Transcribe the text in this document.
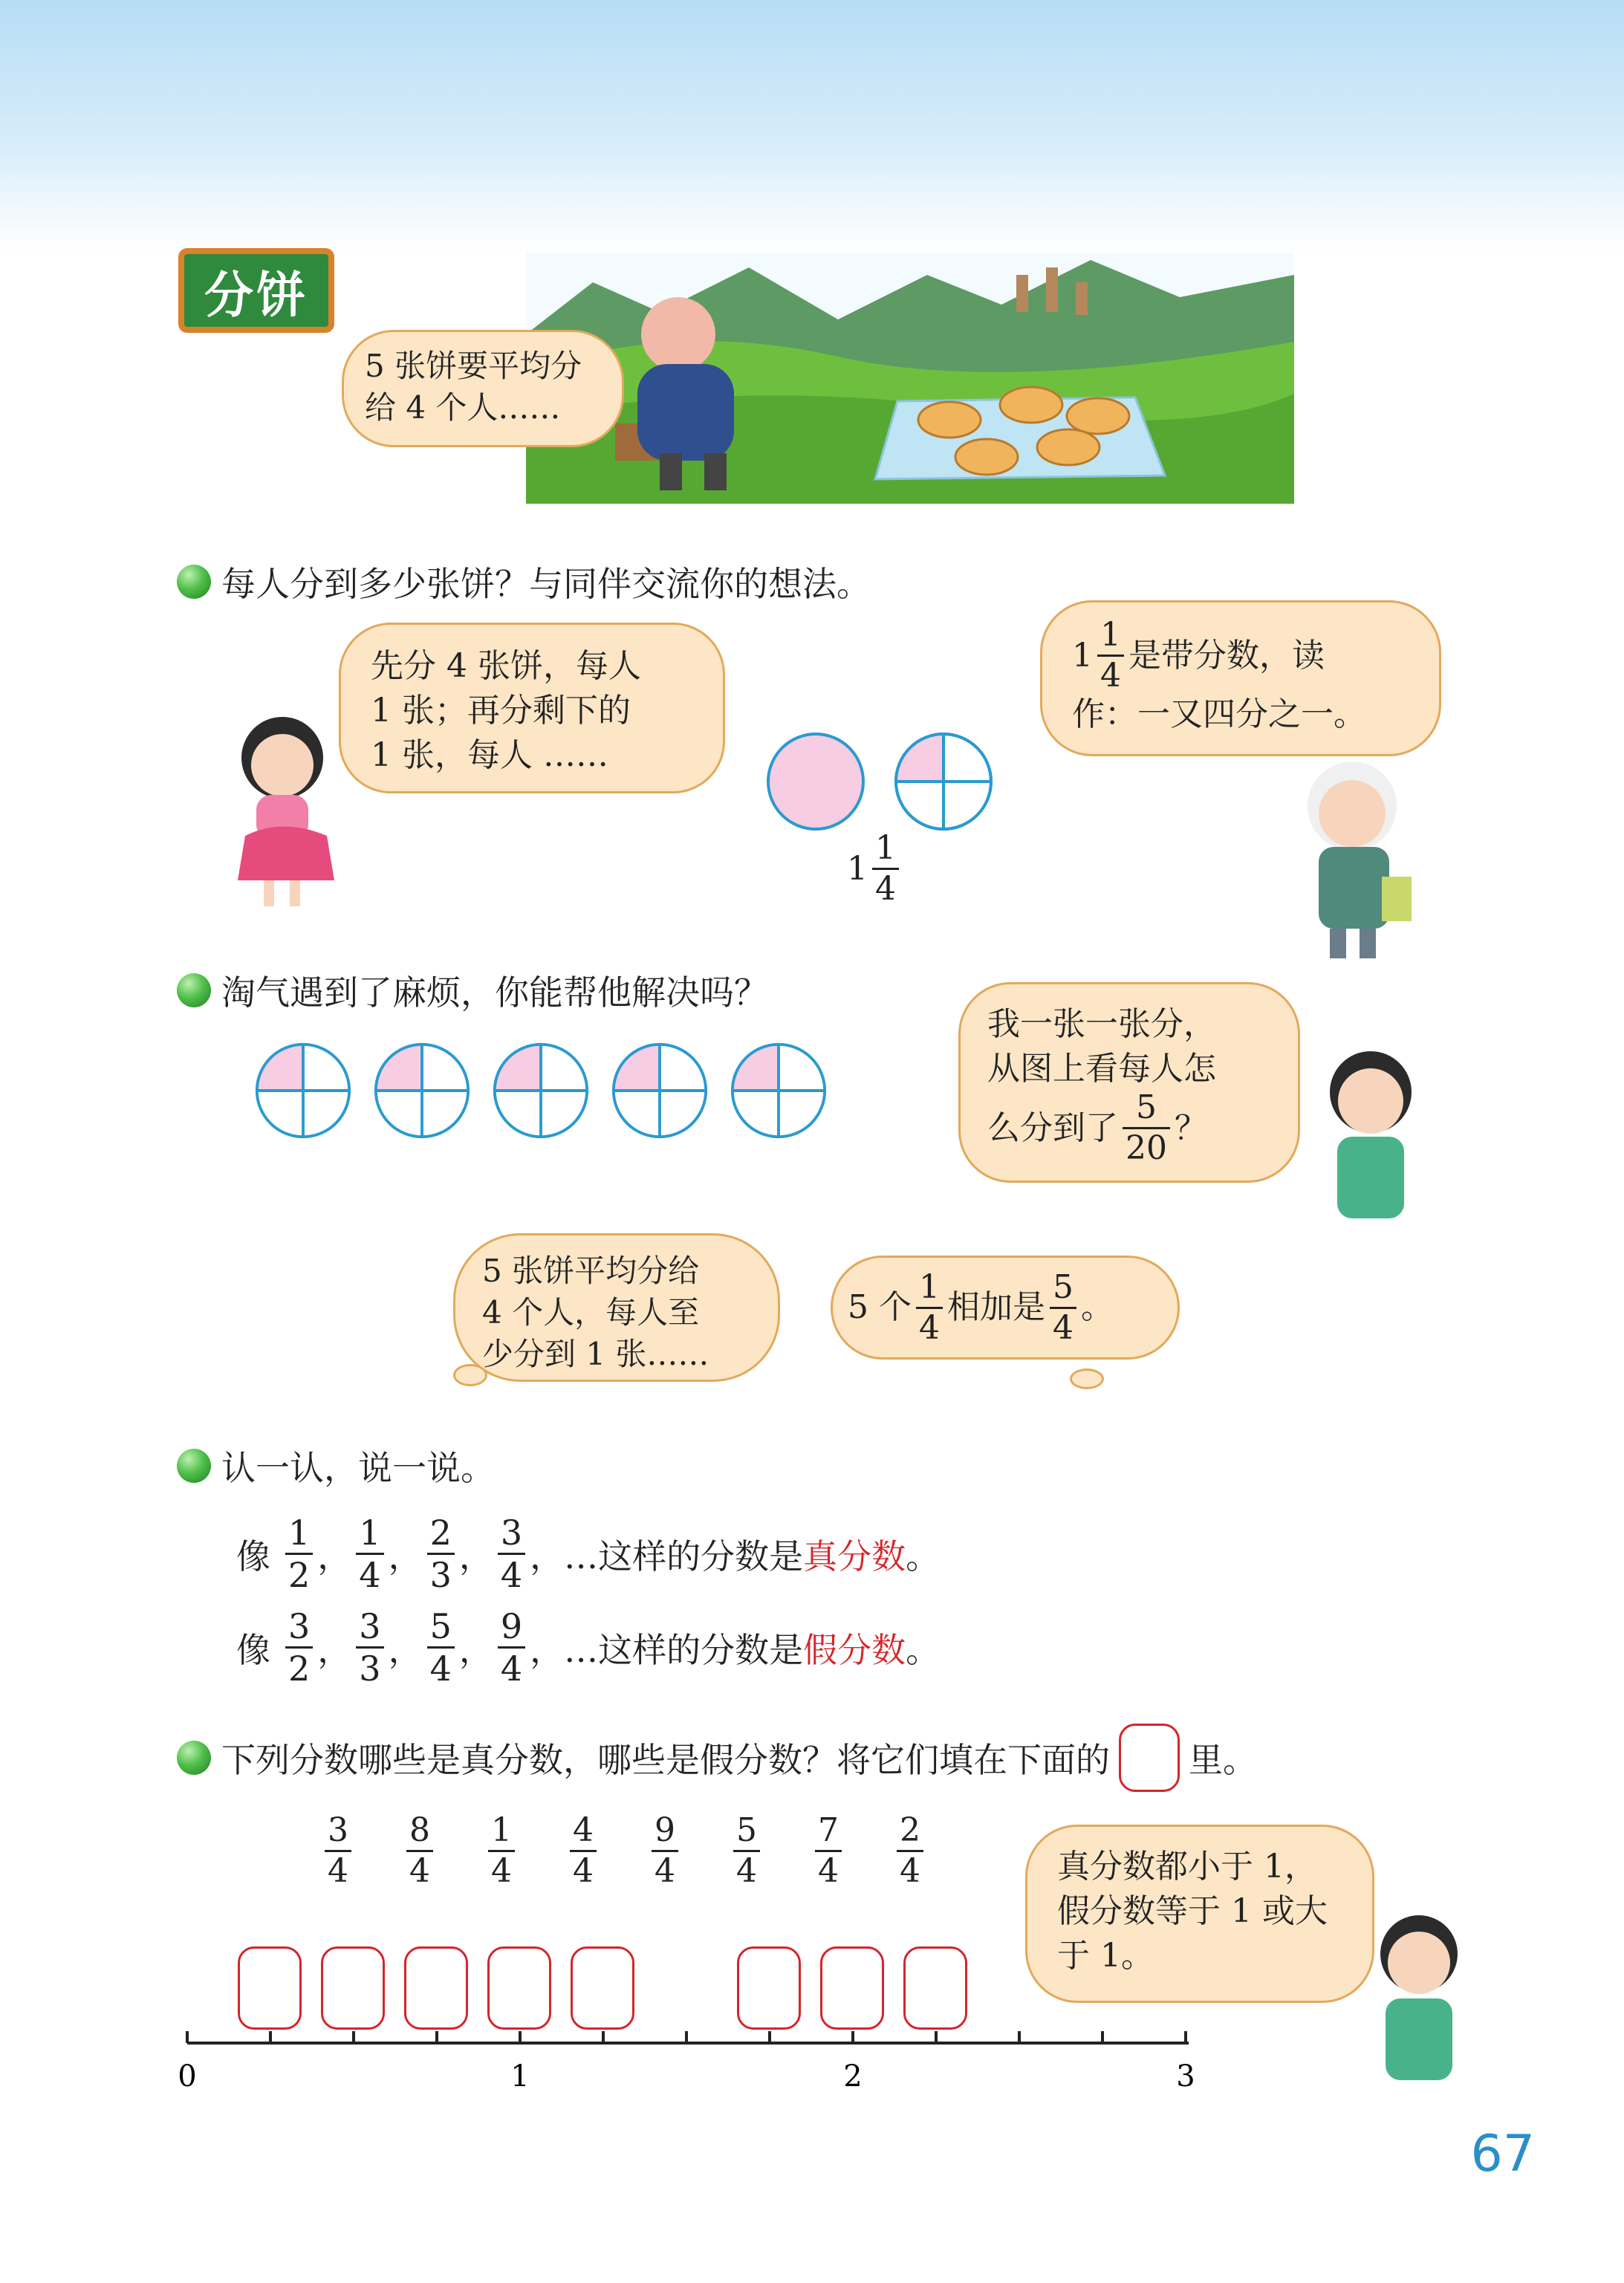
分饼

5 张饼要平均分

给 4 个人……

每人分到多少张饼？与同伴交流你的想法。

先分 4 张饼，每人

1 张；再分剩下的

1 张，每人 ……

$1 \frac{1}{4}$

$1 \frac{1}{4}$ 是带分数，读

作：一又四分之一。

淘气遇到了麻烦，你能帮他解决吗？

我一张一张分，

从图上看每人怎

么分到了 $\frac{5}{20}$ ？

5 张饼平均分给

4 个人，每人至

少分到 1 张……

5 个 $\frac{1}{4}$ 相加是 $\frac{5}{4}$ 。
认一认，说一说。
像 $\frac{1}{2}$ ， $\frac{1}{4}$ ， $\frac{2}{3}$ ， $\frac{3}{4}$ ，…这样的分数是 真分数 。
像 $\frac{3}{2}$ ， $\frac{3}{3}$ ， $\frac{5}{4}$ ， $\frac{9}{4}$ ，…这样的分数是 假分数 。
下列分数哪些是真分数，哪些是假分数？将它们填在下面的 里。
$\frac{3}{4} \frac{8}{4} \frac{1}{4} \frac{4}{4} \frac{9}{4} \frac{5}{4} \frac{7}{4} \frac{2}{4}$
0	1	2	3

真分数都小于 1，

假分数等于 1 或大

于 1。

67
